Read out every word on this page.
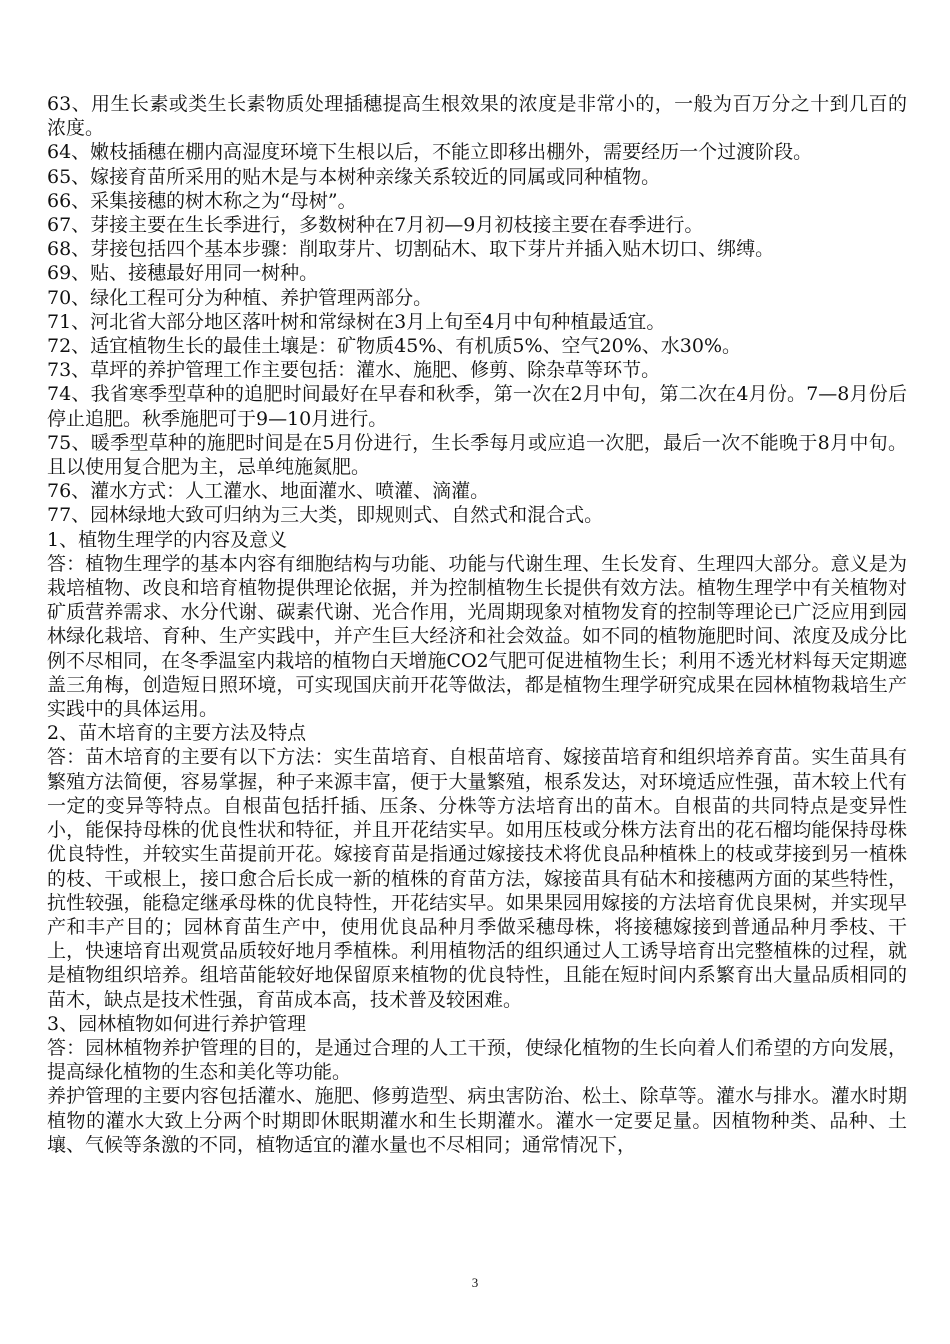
63、用生长素或类生长素物质处理插穗提高生根效果的浓度是非常小的，一般为百万分之十到几百的浓度。

64、嫩枝插穗在棚内高湿度环境下生根以后，不能立即移出棚外，需要经历一个过渡阶段。

65、嫁接育苗所采用的贴木是与本树种亲缘关系较近的同属或同种植物。

66、采集接穗的树木称之为“母树”。

67、芽接主要在生长季进行，多数树种在7月初—9月初枝接主要在春季进行。

68、芽接包括四个基本步骤：削取芽片、切割砧木、取下芽片并插入贴木切口、绑缚。

69、贴、接穗最好用同一树种。

70、绿化工程可分为种植、养护管理两部分。

71、河北省大部分地区落叶树和常绿树在3月上旬至4月中旬种植最适宜。

72、适宜植物生长的最佳土壤是：矿物质45%、有机质5%、空气20%、水30%。

73、草坪的养护管理工作主要包括：灌水、施肥、修剪、除杂草等环节。

74、我省寒季型草种的追肥时间最好在早春和秋季，第一次在2月中旬，第二次在4月份。7—8月份后停止追肥。秋季施肥可于9—10月进行。

75、暖季型草种的施肥时间是在5月份进行，生长季每月或应追一次肥，最后一次不能晚于8月中旬。且以使用复合肥为主，忌单纯施氮肥。

76、灌水方式：人工灌水、地面灌水、喷灌、滴灌。

77、园林绿地大致可归纳为三大类，即规则式、自然式和混合式。

1、植物生理学的内容及意义

答：植物生理学的基本内容有细胞结构与功能、功能与代谢生理、生长发育、生理四大部分。意义是为栽培植物、改良和培育植物提供理论依据，并为控制植物生长提供有效方法。植物生理学中有关植物对矿质营养需求、水分代谢、碳素代谢、光合作用，光周期现象对植物发育的控制等理论已广泛应用到园林绿化栽培、育种、生产实践中，并产生巨大经济和社会效益。如不同的植物施肥时间、浓度及成分比例不尽相同，在冬季温室内栽培的植物白天增施CO2气肥可促进植物生长；利用不透光材料每天定期遮盖三角梅，创造短日照环境，可实现国庆前开花等做法，都是植物生理学研究成果在园林植物栽培生产实践中的具体运用。

2、苗木培育的主要方法及特点

答：苗木培育的主要有以下方法：实生苗培育、自根苗培育、嫁接苗培育和组织培养育苗。实生苗具有繁殖方法简便，容易掌握，种子来源丰富，便于大量繁殖，根系发达，对环境适应性强，苗木较上代有一定的变异等特点。自根苗包括扦插、压条、分株等方法培育出的苗木。自根苗的共同特点是变异性小，能保持母株的优良性状和特征，并且开花结实早。如用压枝或分株方法育出的花石榴均能保持母株优良特性，并较实生苗提前开花。嫁接育苗是指通过嫁接技术将优良品种植株上的枝或芽接到另一植株的枝、干或根上，接口愈合后长成一新的植株的育苗方法，嫁接苗具有砧木和接穗两方面的某些特性，抗性较强，能稳定继承母株的优良特性，开花结实早。如果果园用嫁接的方法培育优良果树，并实现早产和丰产目的；园林育苗生产中，使用优良品种月季做采穗母株，将接穗嫁接到普通品种月季枝、干上，快速培育出观赏品质较好地月季植株。利用植物活的组织通过人工诱导培育出完整植株的过程，就是植物组织培养。组培苗能较好地保留原来植物的优良特性，且能在短时间内系繁育出大量品质相同的苗木，缺点是技术性强，育苗成本高，技术普及较困难。

3、园林植物如何进行养护管理

答：园林植物养护管理的目的，是通过合理的人工干预，使绿化植物的生长向着人们希望的方向发展，提高绿化植物的生态和美化等功能。

养护管理的主要内容包括灌水、施肥、修剪造型、病虫害防治、松土、除草等。灌水与排水。灌水时期植物的灌水大致上分两个时期即休眠期灌水和生长期灌水。灌水一定要足量。因植物种类、品种、土壤、气候等条激的不同，植物适宜的灌水量也不尽相同；通常情况下，

3
